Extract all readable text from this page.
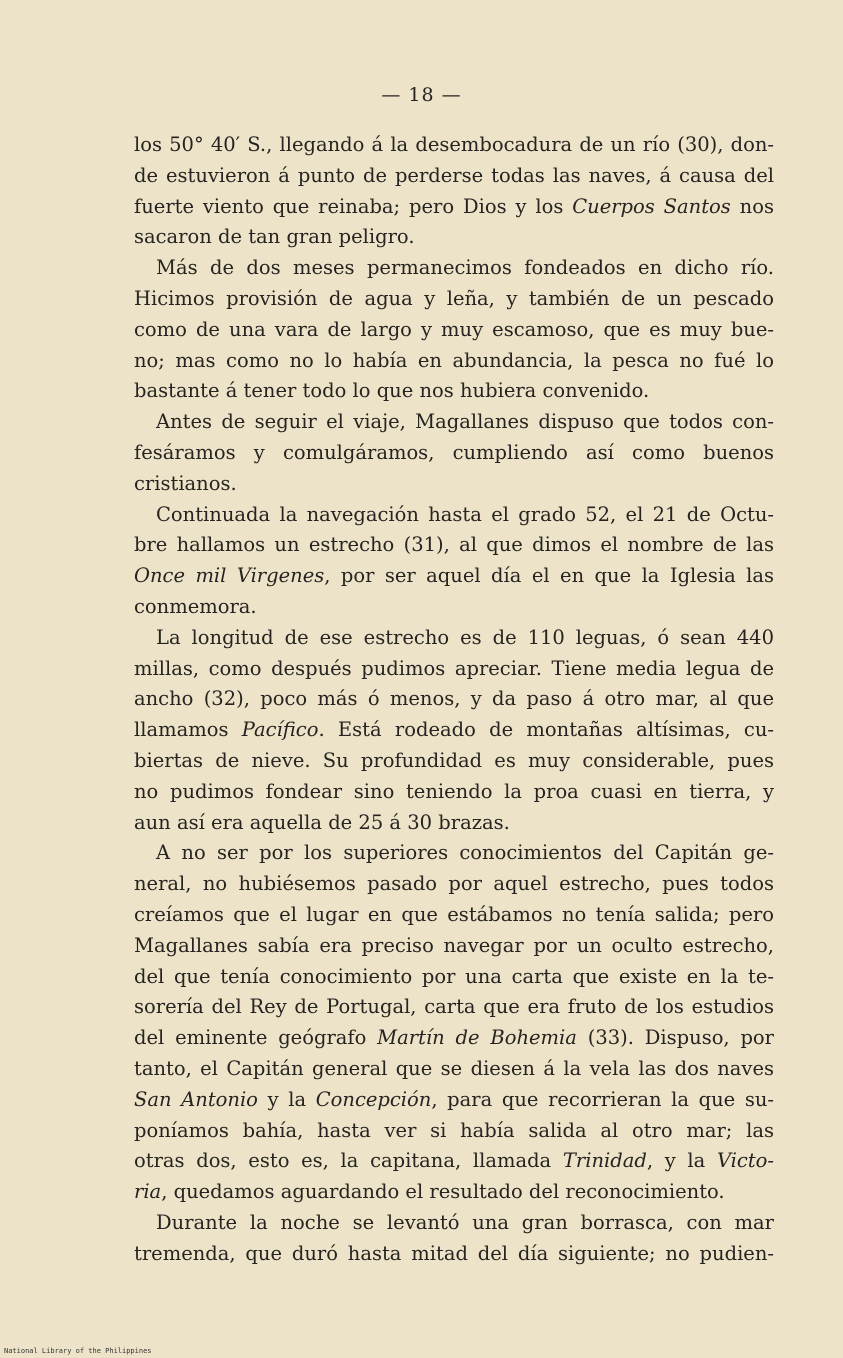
— 18 —
los 50° 40′ S., llegando á la desembocadura de un río (30), don-
de estuvieron á punto de perderse todas las naves, á causa del
fuerte viento que reinaba; pero Dios y los Cuerpos Santos nos
sacaron de tan gran peligro.
Más de dos meses permanecimos fondeados en dicho río.
Hicimos provisión de agua y leña, y también de un pescado
como de una vara de largo y muy escamoso, que es muy bue-
no; mas como no lo había en abundancia, la pesca no fué lo
bastante á tener todo lo que nos hubiera convenido.
Antes de seguir el viaje, Magallanes dispuso que todos con-
fesáramos y comulgáramos, cumpliendo así como buenos
cristianos.
Continuada la navegación hasta el grado 52, el 21 de Octu-
bre hallamos un estrecho (31), al que dimos el nombre de las
Once mil Virgenes, por ser aquel día el en que la Iglesia las
conmemora.
La longitud de ese estrecho es de 110 leguas, ó sean 440
millas, como después pudimos apreciar. Tiene media legua de
ancho (32), poco más ó menos, y da paso á otro mar, al que
llamamos Pacífico. Está rodeado de montañas altísimas, cu-
biertas de nieve. Su profundidad es muy considerable, pues
no pudimos fondear sino teniendo la proa cuasi en tierra, y
aun así era aquella de 25 á 30 brazas.
A no ser por los superiores conocimientos del Capitán ge-
neral, no hubiésemos pasado por aquel estrecho, pues todos
creíamos que el lugar en que estábamos no tenía salida; pero
Magallanes sabía era preciso navegar por un oculto estrecho,
del que tenía conocimiento por una carta que existe en la te-
sorería del Rey de Portugal, carta que era fruto de los estudios
del eminente geógrafo Martín de Bohemia (33). Dispuso, por
tanto, el Capitán general que se diesen á la vela las dos naves
San Antonio y la Concepción, para que recorrieran la que su-
poníamos bahía, hasta ver si había salida al otro mar; las
otras dos, esto es, la capitana, llamada Trinidad, y la Victo-
ria, quedamos aguardando el resultado del reconocimiento.
Durante la noche se levantó una gran borrasca, con mar
tremenda, que duró hasta mitad del día siguiente; no pudien-
National Library of the Philippines
